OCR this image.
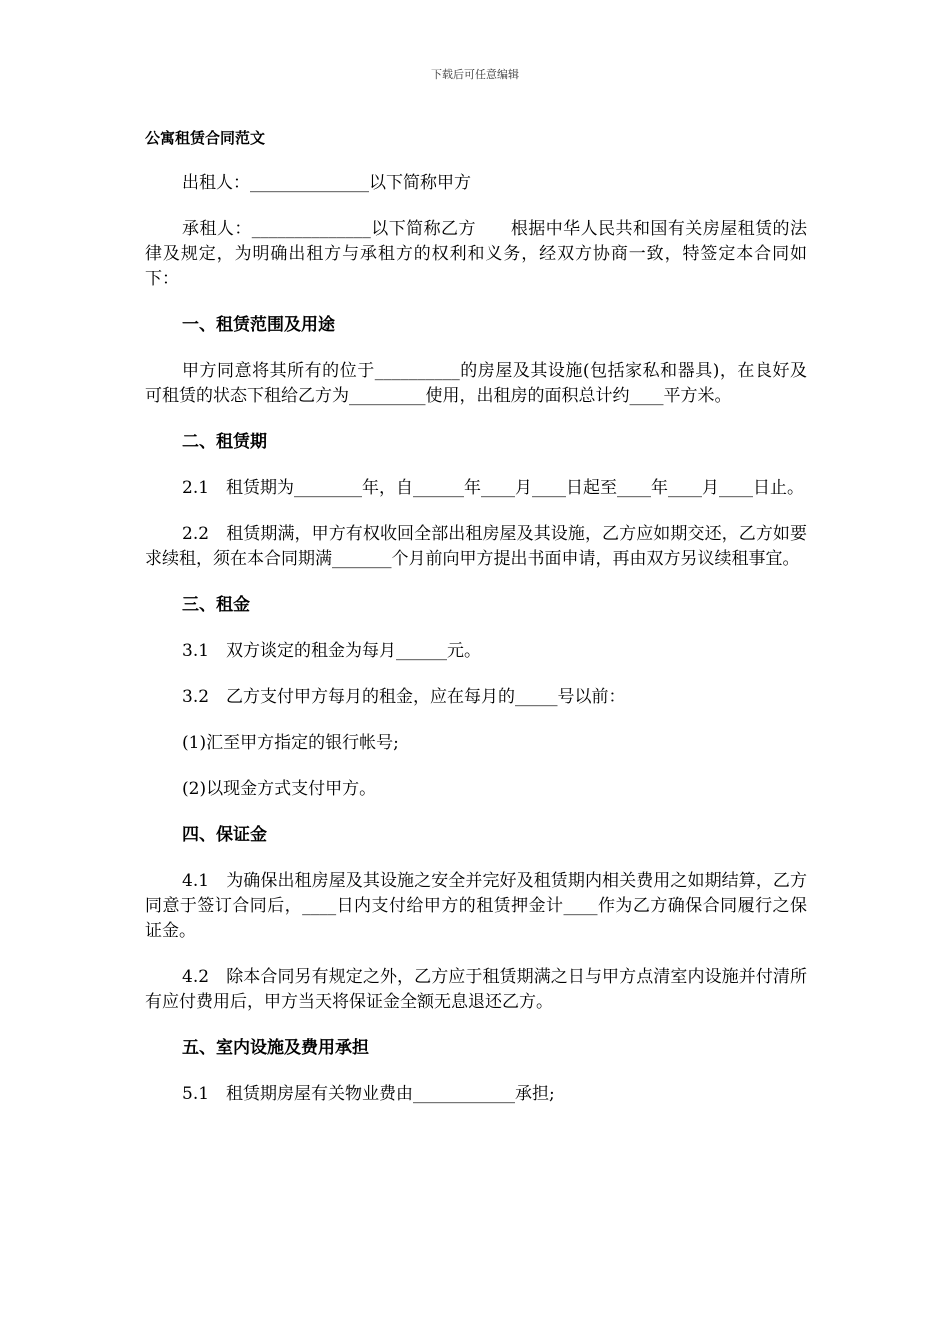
下载后可任意编辑
公寓租赁合同范文

出租人：______________以下简称甲方

承租人：______________以下简称乙方　　根据中华人民共和国有关房屋租赁的法律及规定，为明确出租方与承租方的权利和义务，经双方协商一致，特签定本合同如下：

一、租赁范围及用途

甲方同意将其所有的位于__________的房屋及其设施(包括家私和器具)，在良好及可租赁的状态下租给乙方为_________使用，出租房的面积总计约____平方米。

二、租赁期

2.1　租赁期为________年，自______年____月____日起至____年____月____日止。

2.2　租赁期满，甲方有权收回全部出租房屋及其设施，乙方应如期交还，乙方如要求续租，须在本合同期满_______个月前向甲方提出书面申请，再由双方另议续租事宜。

三、租金

3.1　双方谈定的租金为每月______元。

3.2　乙方支付甲方每月的租金，应在每月的_____号以前：

(1)汇至甲方指定的银行帐号;

(2)以现金方式支付甲方。

四、保证金

4.1　为确保出租房屋及其设施之安全并完好及租赁期内相关费用之如期结算，乙方同意于签订合同后，____日内支付给甲方的租赁押金计____作为乙方确保合同履行之保证金。

4.2　除本合同另有规定之外，乙方应于租赁期满之日与甲方点清室内设施并付清所有应付费用后，甲方当天将保证金全额无息退还乙方。

五、室内设施及费用承担

5.1　租赁期房屋有关物业费由____________承担;
